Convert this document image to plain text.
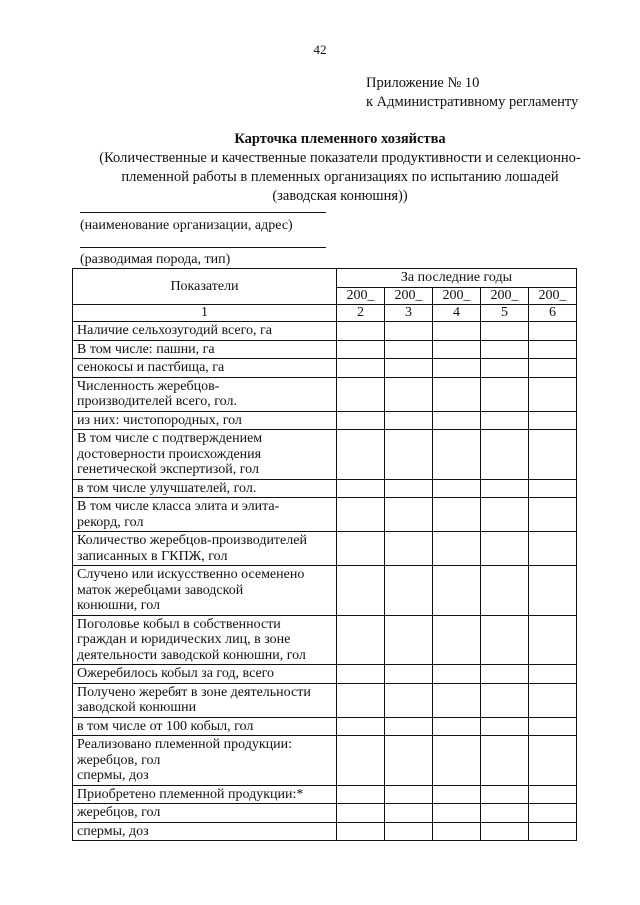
42
Приложение № 10
к Административному регламенту
Карточка племенного хозяйства
(Количественные и качественные показатели продуктивности и селекционно-
племенной работы в племенных организациях по испытанию лошадей
(заводская конюшня))
(наименование организации, адрес)
(разводимая порода, тип)
Показатели	За последние годы				
	200_	200_	200_	200_	200_
1	2	3	4	5	6

Наличие сельхозугодий всего, га					

В том числе: пашни, га					

сенокосы и пастбища, га					

Численность жеребцов-
производителей всего, гол.					

из них: чистопородных, гол					

В том числе с подтверждением
достоверности происхождения
генетической экспертизой, гол					

в том числе улучшателей, гол.					

В том числе класса элита и элита-
рекорд, гол					

Количество жеребцов-производителей
записанных в ГКПЖ, гол					

Случено или искусственно осеменено
маток жеребцами заводской
конюшни, гол					

Поголовье кобыл в собственности
граждан и юридических лиц, в зоне
деятельности заводской конюшни, гол					

Ожеребилось кобыл за год, всего					

Получено жеребят в зоне деятельности
заводской конюшни					

в том числе от 100 кобыл, гол					

Реализовано племенной продукции:
жеребцов, гол
спермы, доз					

Приобретено племенной продукции:*					

жеребцов, гол					

спермы, доз					
